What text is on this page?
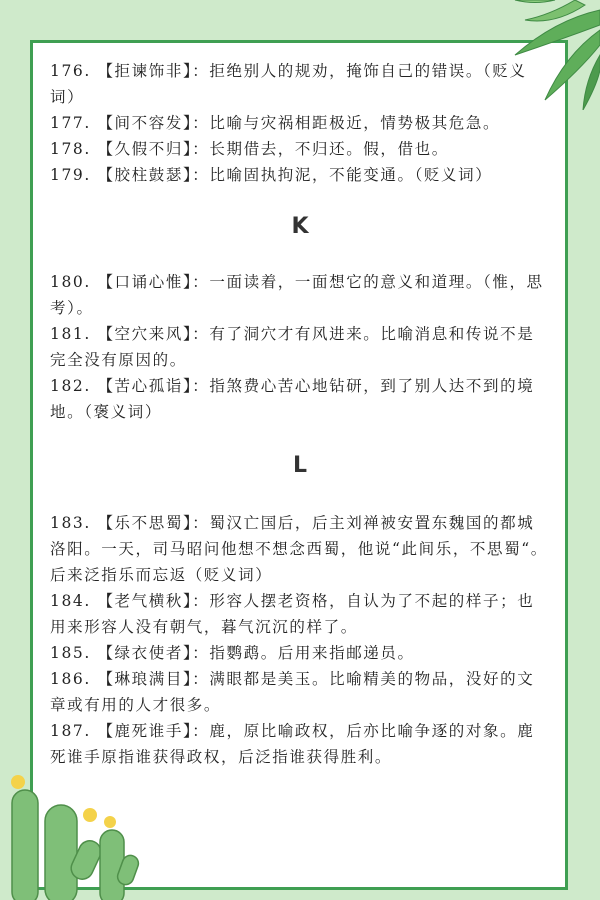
176. 【拒谏饰非】：拒绝别人的规劝，掩饰自己的错误。（贬义词）

177. 【间不容发】：比喻与灾祸相距极近，情势极其危急。

178. 【久假不归】：长期借去，不归还。假，借也。

179. 【胶柱鼓瑟】：比喻固执拘泥，不能变通。（贬义词）

K

180. 【口诵心惟】：一面读着，一面想它的意义和道理。（惟，思考）。

181. 【空穴来风】：有了洞穴才有风进来。比喻消息和传说不是完全没有原因的。

182. 【苦心孤诣】：指煞费心苦心地钻研，到了别人达不到的境地。（褒义词）

L

183. 【乐不思蜀】：蜀汉亡国后，后主刘禅被安置东魏国的都城洛阳。一天，司马昭问他想不想念西蜀，他说“此间乐，不思蜀“。后来泛指乐而忘返（贬义词）

184. 【老气横秋】：形容人摆老资格，自认为了不起的样子；也用来形容人没有朝气，暮气沉沉的样了。

185. 【绿衣使者】：指鹦鹉。后用来指邮递员。

186. 【琳琅满目】：满眼都是美玉。比喻精美的物品，没好的文章或有用的人才很多。

187. 【鹿死谁手】：鹿，原比喻政权，后亦比喻争逐的对象。鹿死谁手原指谁获得政权，后泛指谁获得胜利。
